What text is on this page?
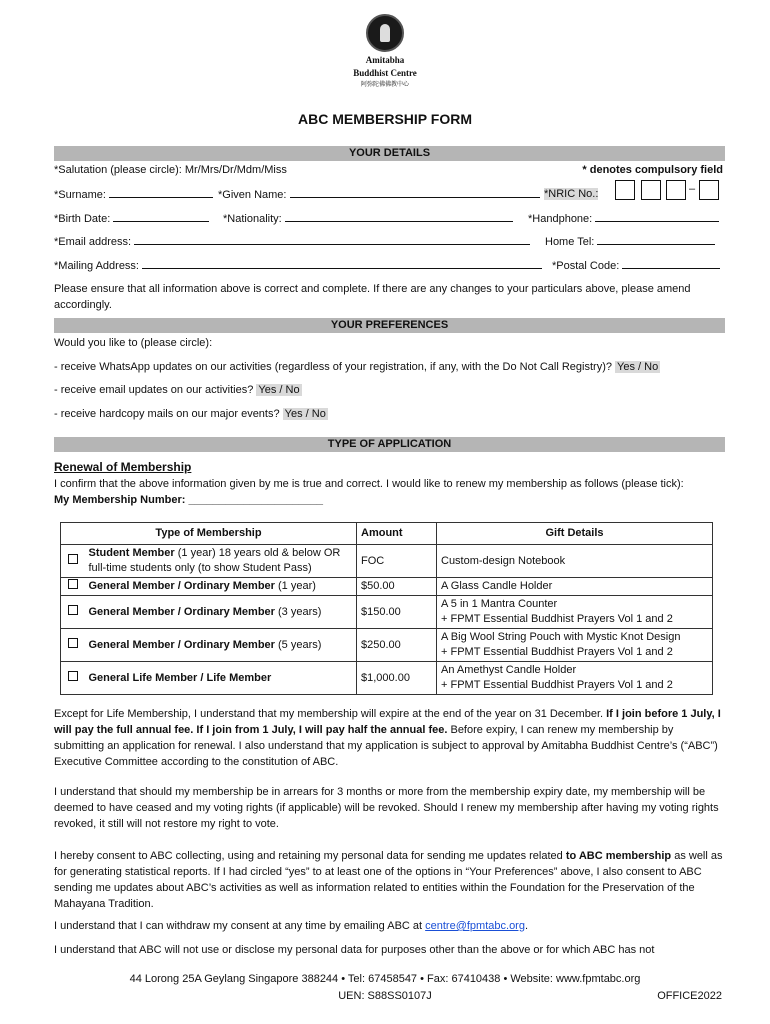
Amitabha
Buddhist Centre
阿弥陀佛佛教中心
ABC MEMBERSHIP FORM
YOUR DETAILS
*Salutation (please circle): Mr/Mrs/Dr/Mdm/Miss	* denotes compulsory field
*Surname:	*Given Name:	*NRIC No.:	–
*Birth Date:	*Nationality:	*Handphone:
*Email address:	Home Tel:
*Mailing Address:	*Postal Code:
Please ensure that all information above is correct and complete. If there are any changes to your particulars above, please amend accordingly.
YOUR PREFERENCES
Would you like to (please circle):
- receive WhatsApp updates on our activities (regardless of your registration, if any, with the Do Not Call Registry)? Yes / No
- receive email updates on our activities? Yes / No
- receive hardcopy mails on our major events? Yes / No
TYPE OF APPLICATION
Renewal of Membership
I confirm that the above information given by me is true and correct. I would like to renew my membership as follows (please tick):
My Membership Number: ______________________
Type of Membership		Amount	Gift Details
	Student Member (1 year) 18 years old & below OR full-time students only (to show Student Pass)	FOC	Custom-design Notebook

	General Member / Ordinary Member (1 year)	$50.00	A Glass Candle Holder

	General Member / Ordinary Member (3 years)	$150.00	A 5 in 1 Mantra Counter
+ FPMT Essential Buddhist Prayers Vol 1 and 2

	General Member / Ordinary Member (5 years)	$250.00	A Big Wool String Pouch with Mystic Knot Design
+ FPMT Essential Buddhist Prayers Vol 1 and 2

	General Life Member / Life Member	$1,000.00	An Amethyst Candle Holder
+ FPMT Essential Buddhist Prayers Vol 1 and 2
Except for Life Membership, I understand that my membership will expire at the end of the year on 31 December. If I join before 1 July, I will pay the full annual fee. If I join from 1 July, I will pay half the annual fee. Before expiry, I can renew my membership by submitting an application for renewal. I also understand that my application is subject to approval by Amitabha Buddhist Centre’s (“ABC”) Executive Committee according to the constitution of ABC.
I understand that should my membership be in arrears for 3 months or more from the membership expiry date, my membership will be deemed to have ceased and my voting rights (if applicable) will be revoked. Should I renew my membership after having my voting rights revoked, it still will not restore my right to vote.
I hereby consent to ABC collecting, using and retaining my personal data for sending me updates related to ABC membership as well as for generating statistical reports. If I had circled “yes” to at least one of the options in “Your Preferences” above, I also consent to ABC sending me updates about ABC’s activities as well as information related to entities within the Foundation for the Preservation of the Mahayana Tradition.
I understand that I can withdraw my consent at any time by emailing ABC at centre@fpmtabc.org.
I understand that ABC will not use or disclose my personal data for purposes other than the above or for which ABC has not
44 Lorong 25A Geylang Singapore 388244 • Tel: 67458547 • Fax: 67410438 • Website: www.fpmtabc.org
UEN: S88SS0107J	OFFICE2022
